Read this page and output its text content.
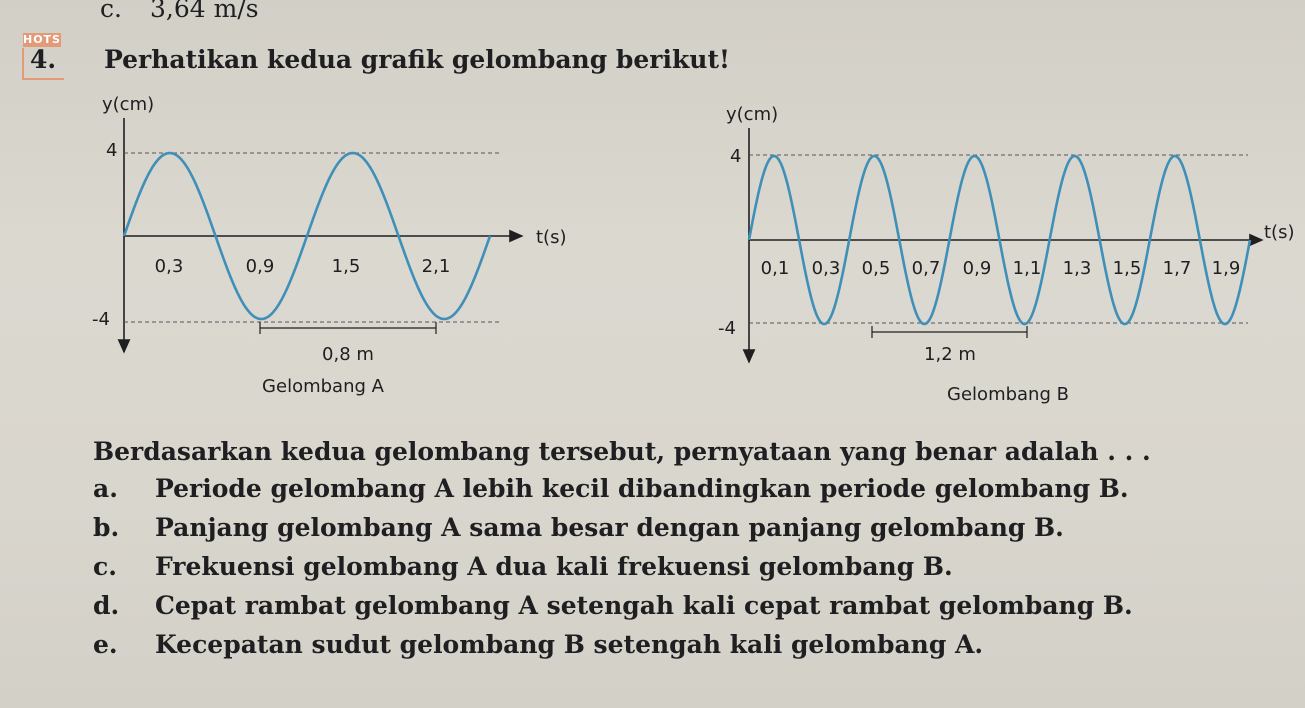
c. 3,64 m/s
HOTS
4. Perhatikan kedua grafik gelombang berikut!
y(cm)
t(s)
4
-4
0,3	0,9	1,5	2,1
0,8 m
Gelombang A
y(cm)
t(s)
4
-4
0,1 0,3 0,5 0,7 0,9 1,1 1,3 1,5 1,7 1,9
1,2 m
Gelombang B
Berdasarkan kedua gelombang tersebut, pernyataan yang benar adalah . . .
a. Periode gelombang A lebih kecil dibandingkan periode gelombang B.
b. Panjang gelombang A sama besar dengan panjang gelombang B.
c. Frekuensi gelombang A dua kali frekuensi gelombang B.
d. Cepat rambat gelombang A setengah kali cepat rambat gelombang B.
e. Kecepatan sudut gelombang B setengah kali gelombang A.
